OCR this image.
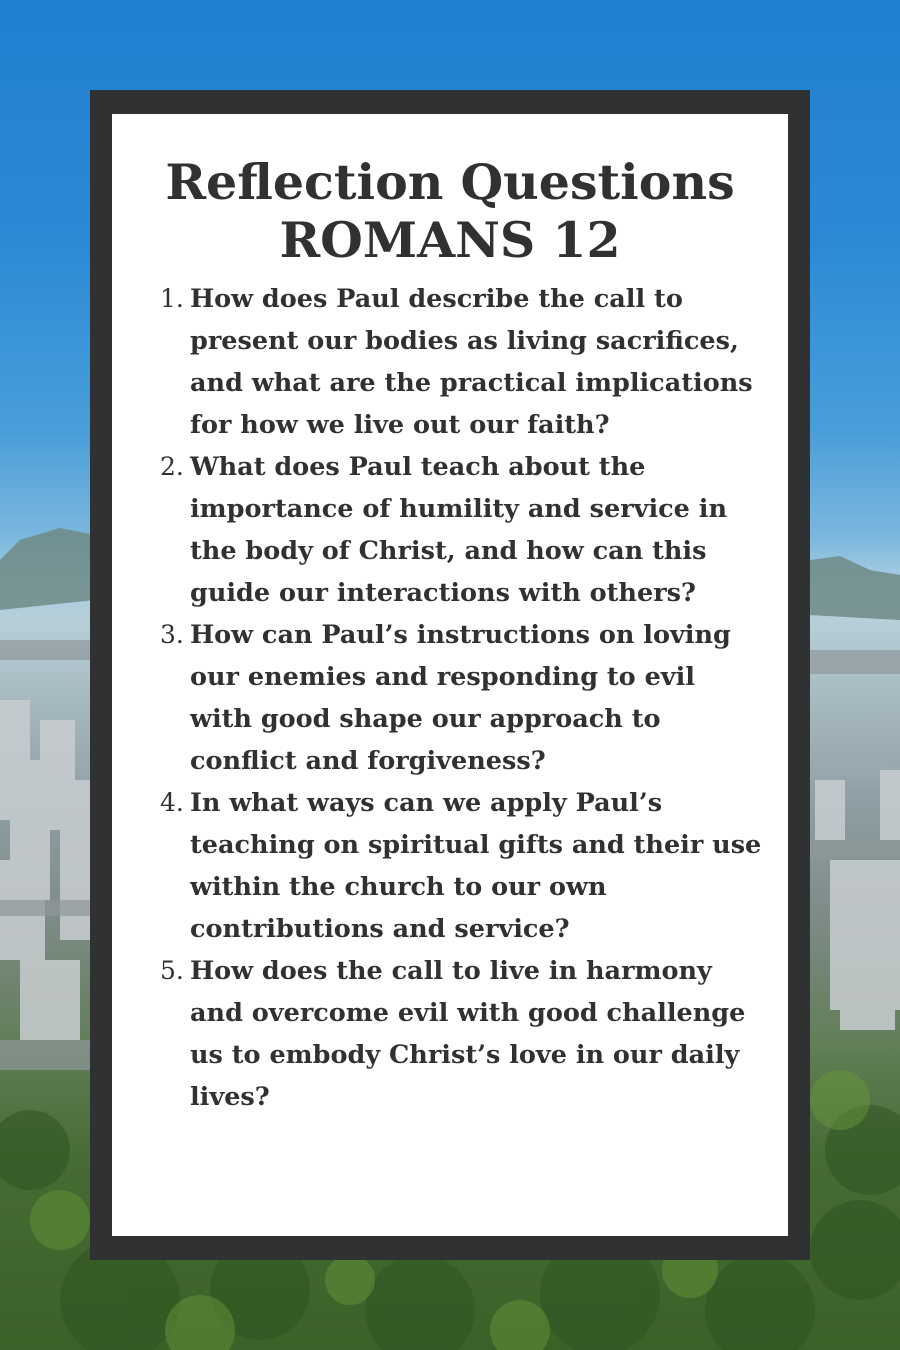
Reflection Questions
ROMANS 12
1. How does Paul describe the call to present our bodies as living sacrifices, and what are the practical implications for how we live out our faith?
2. What does Paul teach about the importance of humility and service in the body of Christ, and how can this guide our interactions with others?
3. How can Paul’s instructions on loving our enemies and responding to evil with good shape our approach to conflict and forgiveness?
4. In what ways can we apply Paul’s teaching on spiritual gifts and their use within the church to our own contributions and service?
5. How does the call to live in harmony and overcome evil with good challenge us to embody Christ’s love in our daily lives?
